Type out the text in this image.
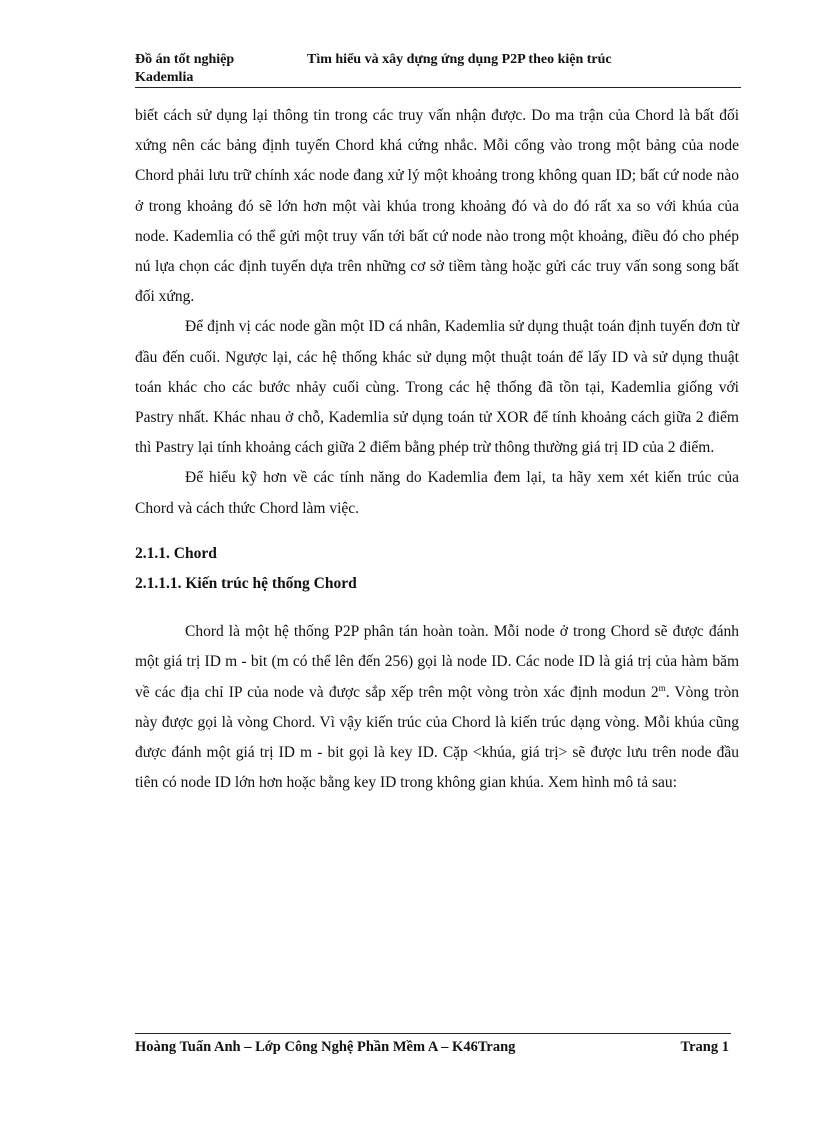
Đồ án tốt nghiệp	Tìm hiểu và xây dựng ứng dụng P2P theo kiện trúc
Kademlia

biết cách sử dụng lại thông tin trong các truy vấn nhận được. Do ma trận của Chord là bất đối xứng nên các bảng định tuyến Chord khá cứng nhắc. Mỗi cổng vào trong một bảng của node Chord phải lưu trữ chính xác node đang xử lý một khoảng trong không quan ID; bất cứ node nào ở trong khoảng đó sẽ lớn hơn một vài khúa trong khoảng đó và do đó rất xa so với khúa của node. Kademlia có thể gửi một truy vấn tới bất cứ node nào trong một khoảng, điều đó cho phép nú lựa chọn các định tuyến dựa trên những cơ sở tiềm tàng hoặc gửi các truy vấn song song bất đối xứng.

Để định vị các node gần một ID cá nhân, Kademlia sử dụng thuật toán định tuyến đơn từ đầu đến cuối. Ngược lại, các hệ thống khác sử dụng một thuật toán để lấy ID và sử dụng thuật toán khác cho các bước nhảy cuối cùng. Trong các hệ thống đã tồn tại, Kademlia giống với Pastry nhất. Khác nhau ở chỗ, Kademlia sử dụng toán tử XOR để tính khoảng cách giữa 2 điểm thì Pastry lại tính khoảng cách giữa 2 điểm bằng phép trừ thông thường giá trị ID của 2 điểm.

Để hiểu kỹ hơn về các tính năng do Kademlia đem lại, ta hãy xem xét kiến trúc của Chord và cách thức Chord làm việc.

2.1.1. Chord

2.1.1.1. Kiến trúc hệ thống Chord

Chord là một hệ thống P2P phân tán hoàn toàn. Mỗi node ở trong Chord sẽ được đánh một giá trị ID m - bit (m có thể lên đến 256) gọi là node ID. Các node ID là giá trị của hàm băm về các địa chỉ IP của node và được sắp xếp trên một vòng tròn xác định modun 2$^m$. Vòng tròn này được gọi là vòng Chord. Vì vậy kiến trúc của Chord là kiến trúc dạng vòng. Mỗi khúa cũng được đánh một giá trị ID m - bit gọi là key ID. Cặp <khúa, giá trị> sẽ được lưu trên node đầu tiên có node ID lớn hơn hoặc bằng key ID trong không gian khúa. Xem hình mô tả sau:

Hoàng Tuấn Anh – Lớp Công Nghệ Phần Mềm A – K46Trang	Trang 1
